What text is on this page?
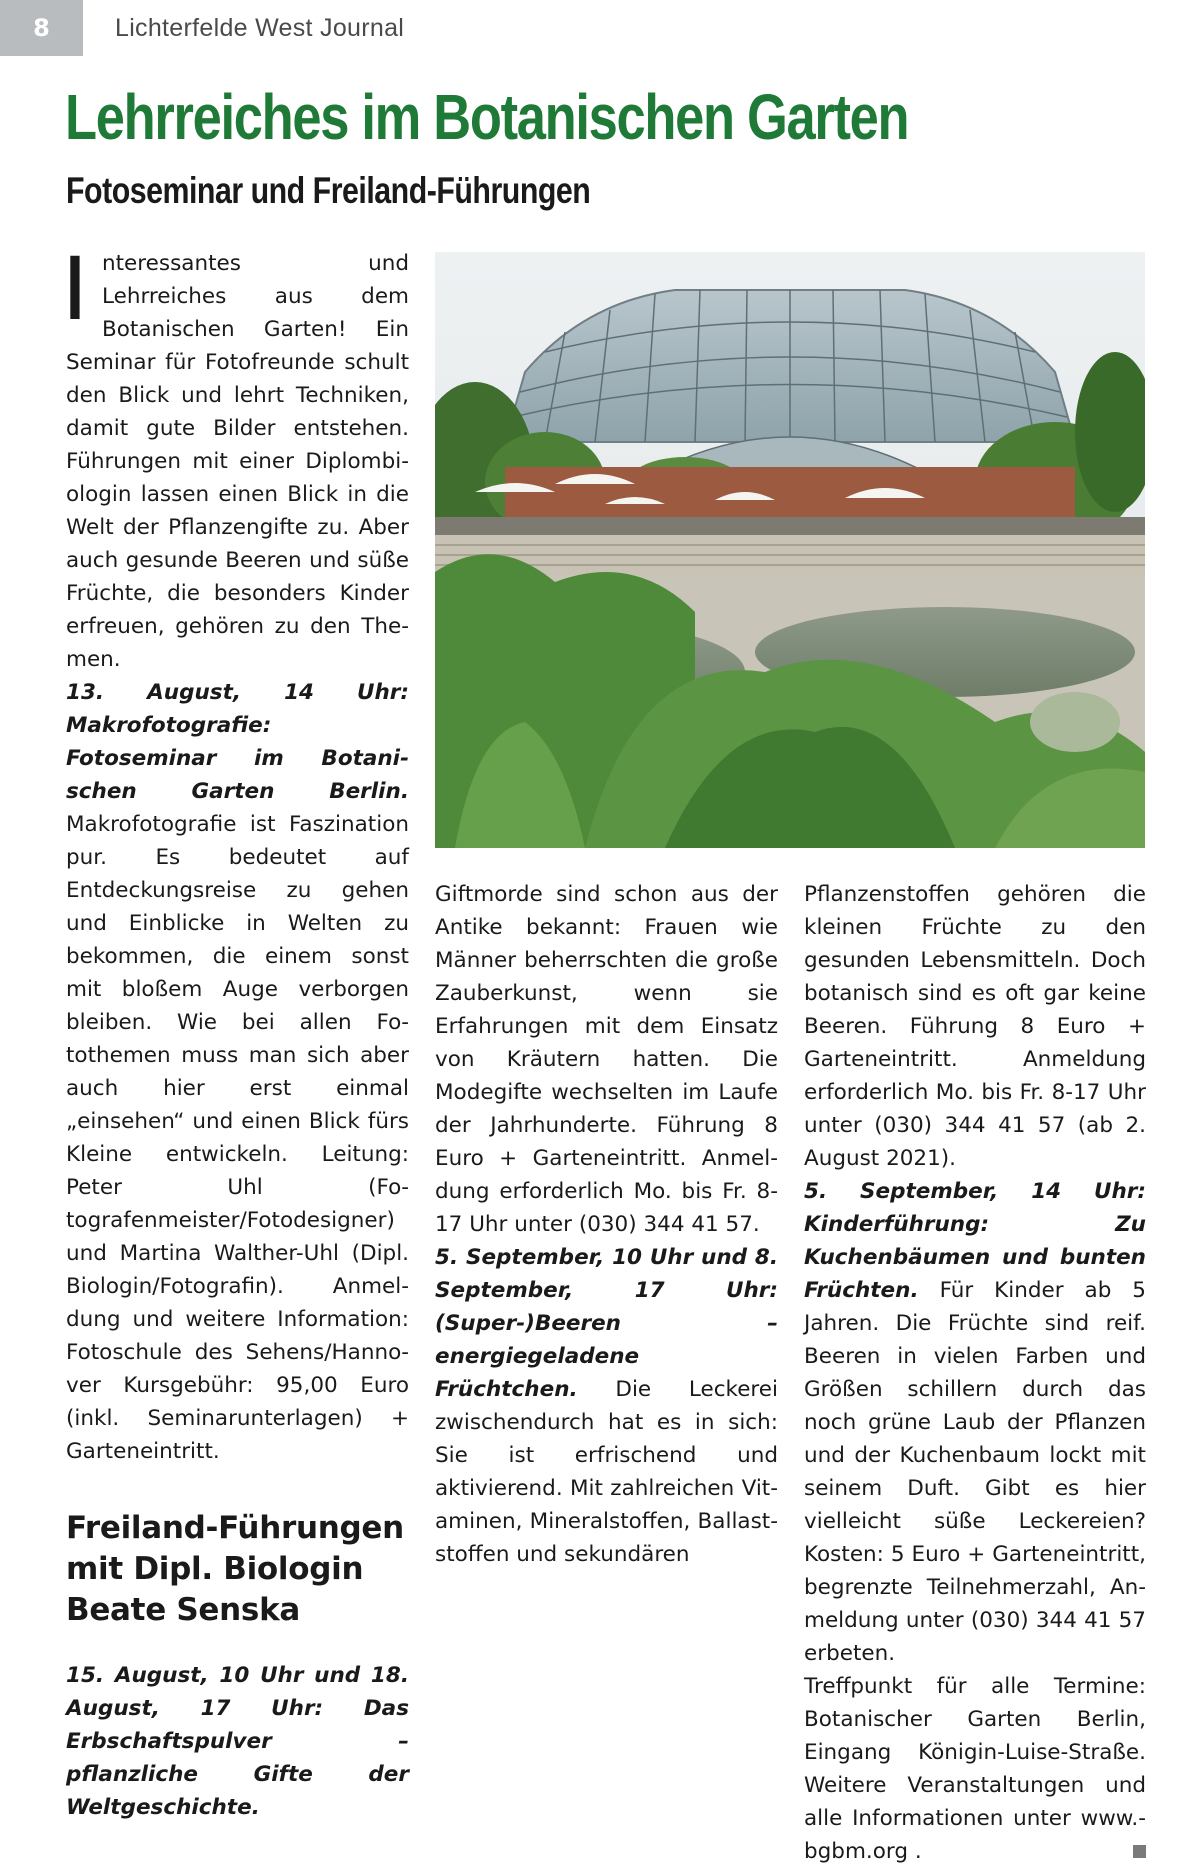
8	Lichterfelde West Journal
Lehrreiches im Botanischen Garten
Fotoseminar und Freiland-Führungen

Interessantes und Lehrreiches aus dem Botanischen Garten! Ein Seminar für Fotofreunde schult den Blick und lehrt Techniken, damit gute Bilder entstehen. Führungen mit einer Diplombiologin lassen einen Blick in die Welt der Pflanzengifte zu. Aber auch gesunde Beeren und süße Früchte, die besonders Kinder erfreuen, gehören zu den Themen.

13. August, 14 Uhr: Makrofotografie: Fotoseminar im Botanischen Garten Berlin. Makrofotografie ist Faszination pur. Es bedeutet auf Entdeckungsreise zu gehen und Einblicke in Welten zu bekommen, die einem sonst mit bloßem Auge verborgen bleiben. Wie bei allen Fotothemen muss man sich aber auch hier erst einmal „einsehen“ und einen Blick fürs Kleine entwickeln. Leitung: Peter Uhl (Fotografenmeister/Fotodesigner) und Martina Walther-Uhl (Dipl. Biologin/Fotografin). Anmeldung und weitere Information: Fotoschule des Sehens/Hannover Kursgebühr: 95,00 Euro (inkl. Seminarunterlagen) + Garteneintritt.

Freiland-Führungen mit Dipl. Biologin Beate Senska

15. August, 10 Uhr und 18. August, 17 Uhr: Das Erbschaftspulver – pflanzliche Gifte der Weltgeschichte.

Giftmorde sind schon aus der Antike bekannt: Frauen wie Männer beherrschten die große Zauberkunst, wenn sie Erfahrungen mit dem Einsatz von Kräutern hatten. Die Modegifte wechselten im Laufe der Jahrhunderte. Führung 8 Euro + Garteneintritt. Anmeldung erforderlich Mo. bis Fr. 8-17 Uhr unter (030) 344 41 57.

5. September, 10 Uhr und 8. September, 17 Uhr: (Super-)Beeren – energiegeladene Früchtchen. Die Leckerei zwischendurch hat es in sich: Sie ist erfrischend und aktivierend. Mit zahlreichen Vitaminen, Mineralstoffen, Ballaststoffen und sekundären

Pflanzenstoffen gehören die kleinen Früchte zu den gesunden Lebensmitteln. Doch botanisch sind es oft gar keine Beeren. Führung 8 Euro + Garteneintritt. Anmeldung erforderlich Mo. bis Fr. 8-17 Uhr unter (030) 344 41 57 (ab 2. August 2021).

5. September, 14 Uhr: Kinderführung: Zu Kuchenbäumen und bunten Früchten. Für Kinder ab 5 Jahren. Die Früchte sind reif. Beeren in vielen Farben und Größen schillern durch das noch grüne Laub der Pflanzen und der Kuchenbaum lockt mit seinem Duft. Gibt es hier vielleicht süße Leckereien? Kosten: 5 Euro + Garteneintritt, begrenzte Teilnehmerzahl, Anmeldung unter (030) 344 41 57 erbeten.

Treffpunkt für alle Termine: Botanischer Garten Berlin, Eingang Königin-Luise-Straße. Weitere Veranstaltungen und alle Informationen unter www.bgbm.org .
